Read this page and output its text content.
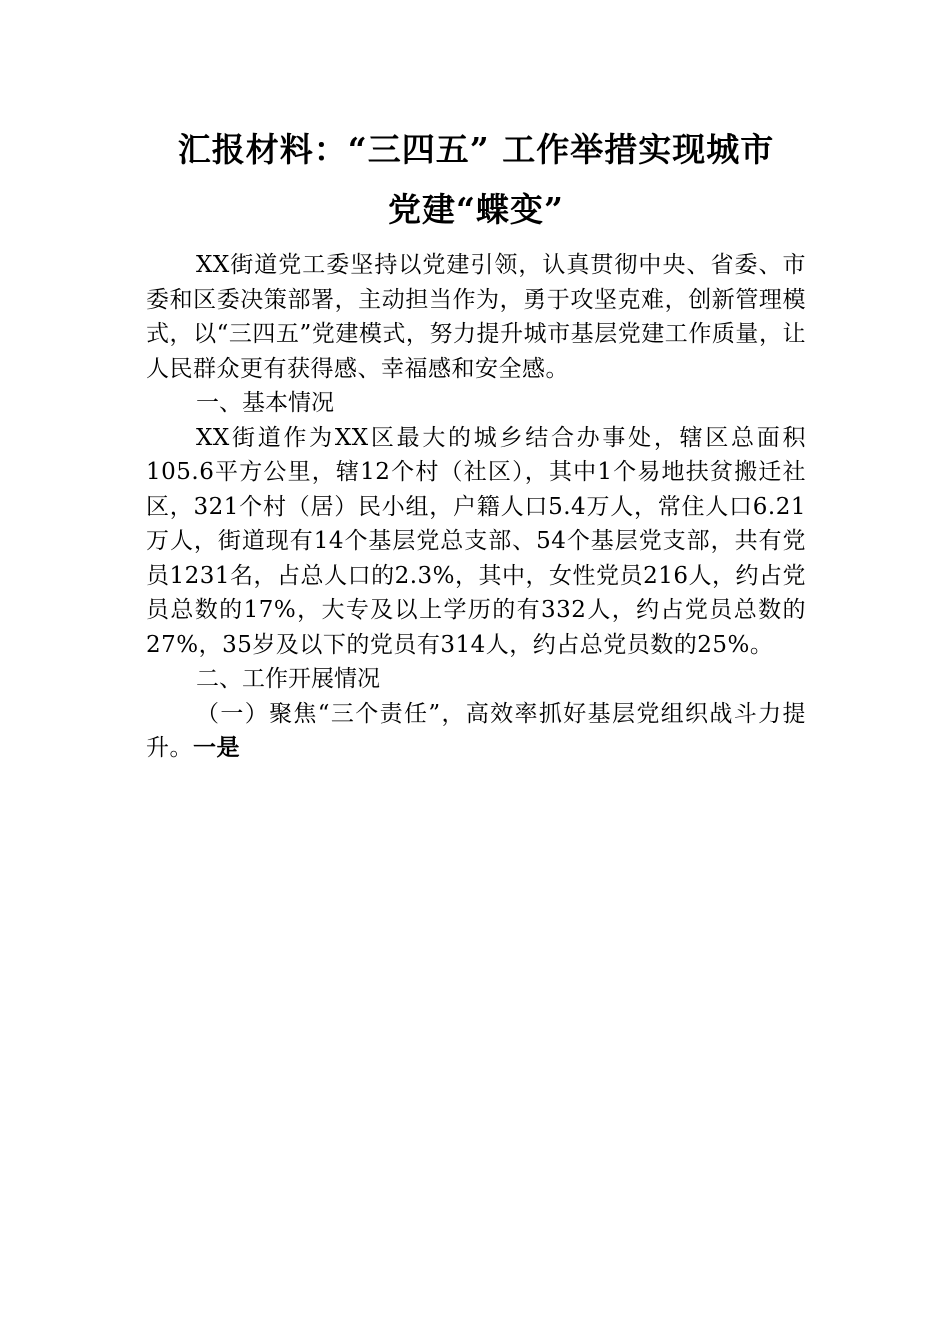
汇报材料：“三四五” 工作举措实现城市
党建“蝶变”

XX街道党工委坚持以党建引领，认真贯彻中央、省委、市委和区委决策部署，主动担当作为，勇于攻坚克难，创新管理模式，以“三四五”党建模式，努力提升城市基层党建工作质量，让人民群众更有获得感、幸福感和安全感。

一、基本情况

XX街道作为XX区最大的城乡结合办事处，辖区总面积105.6平方公里，辖12个村（社区），其中1个易地扶贫搬迁社区，321个村（居）民小组，户籍人口5.4万人，常住人口6.21万人，街道现有14个基层党总支部、54个基层党支部，共有党员1231名，占总人口的2.3%，其中，女性党员216人，约占党员总数的17%，大专及以上学历的有332人，约占党员总数的27%，35岁及以下的党员有314人，约占总党员数的25%。

二、工作开展情况

（一）聚焦“三个责任”，高效率抓好基层党组织战斗力提升。一是
